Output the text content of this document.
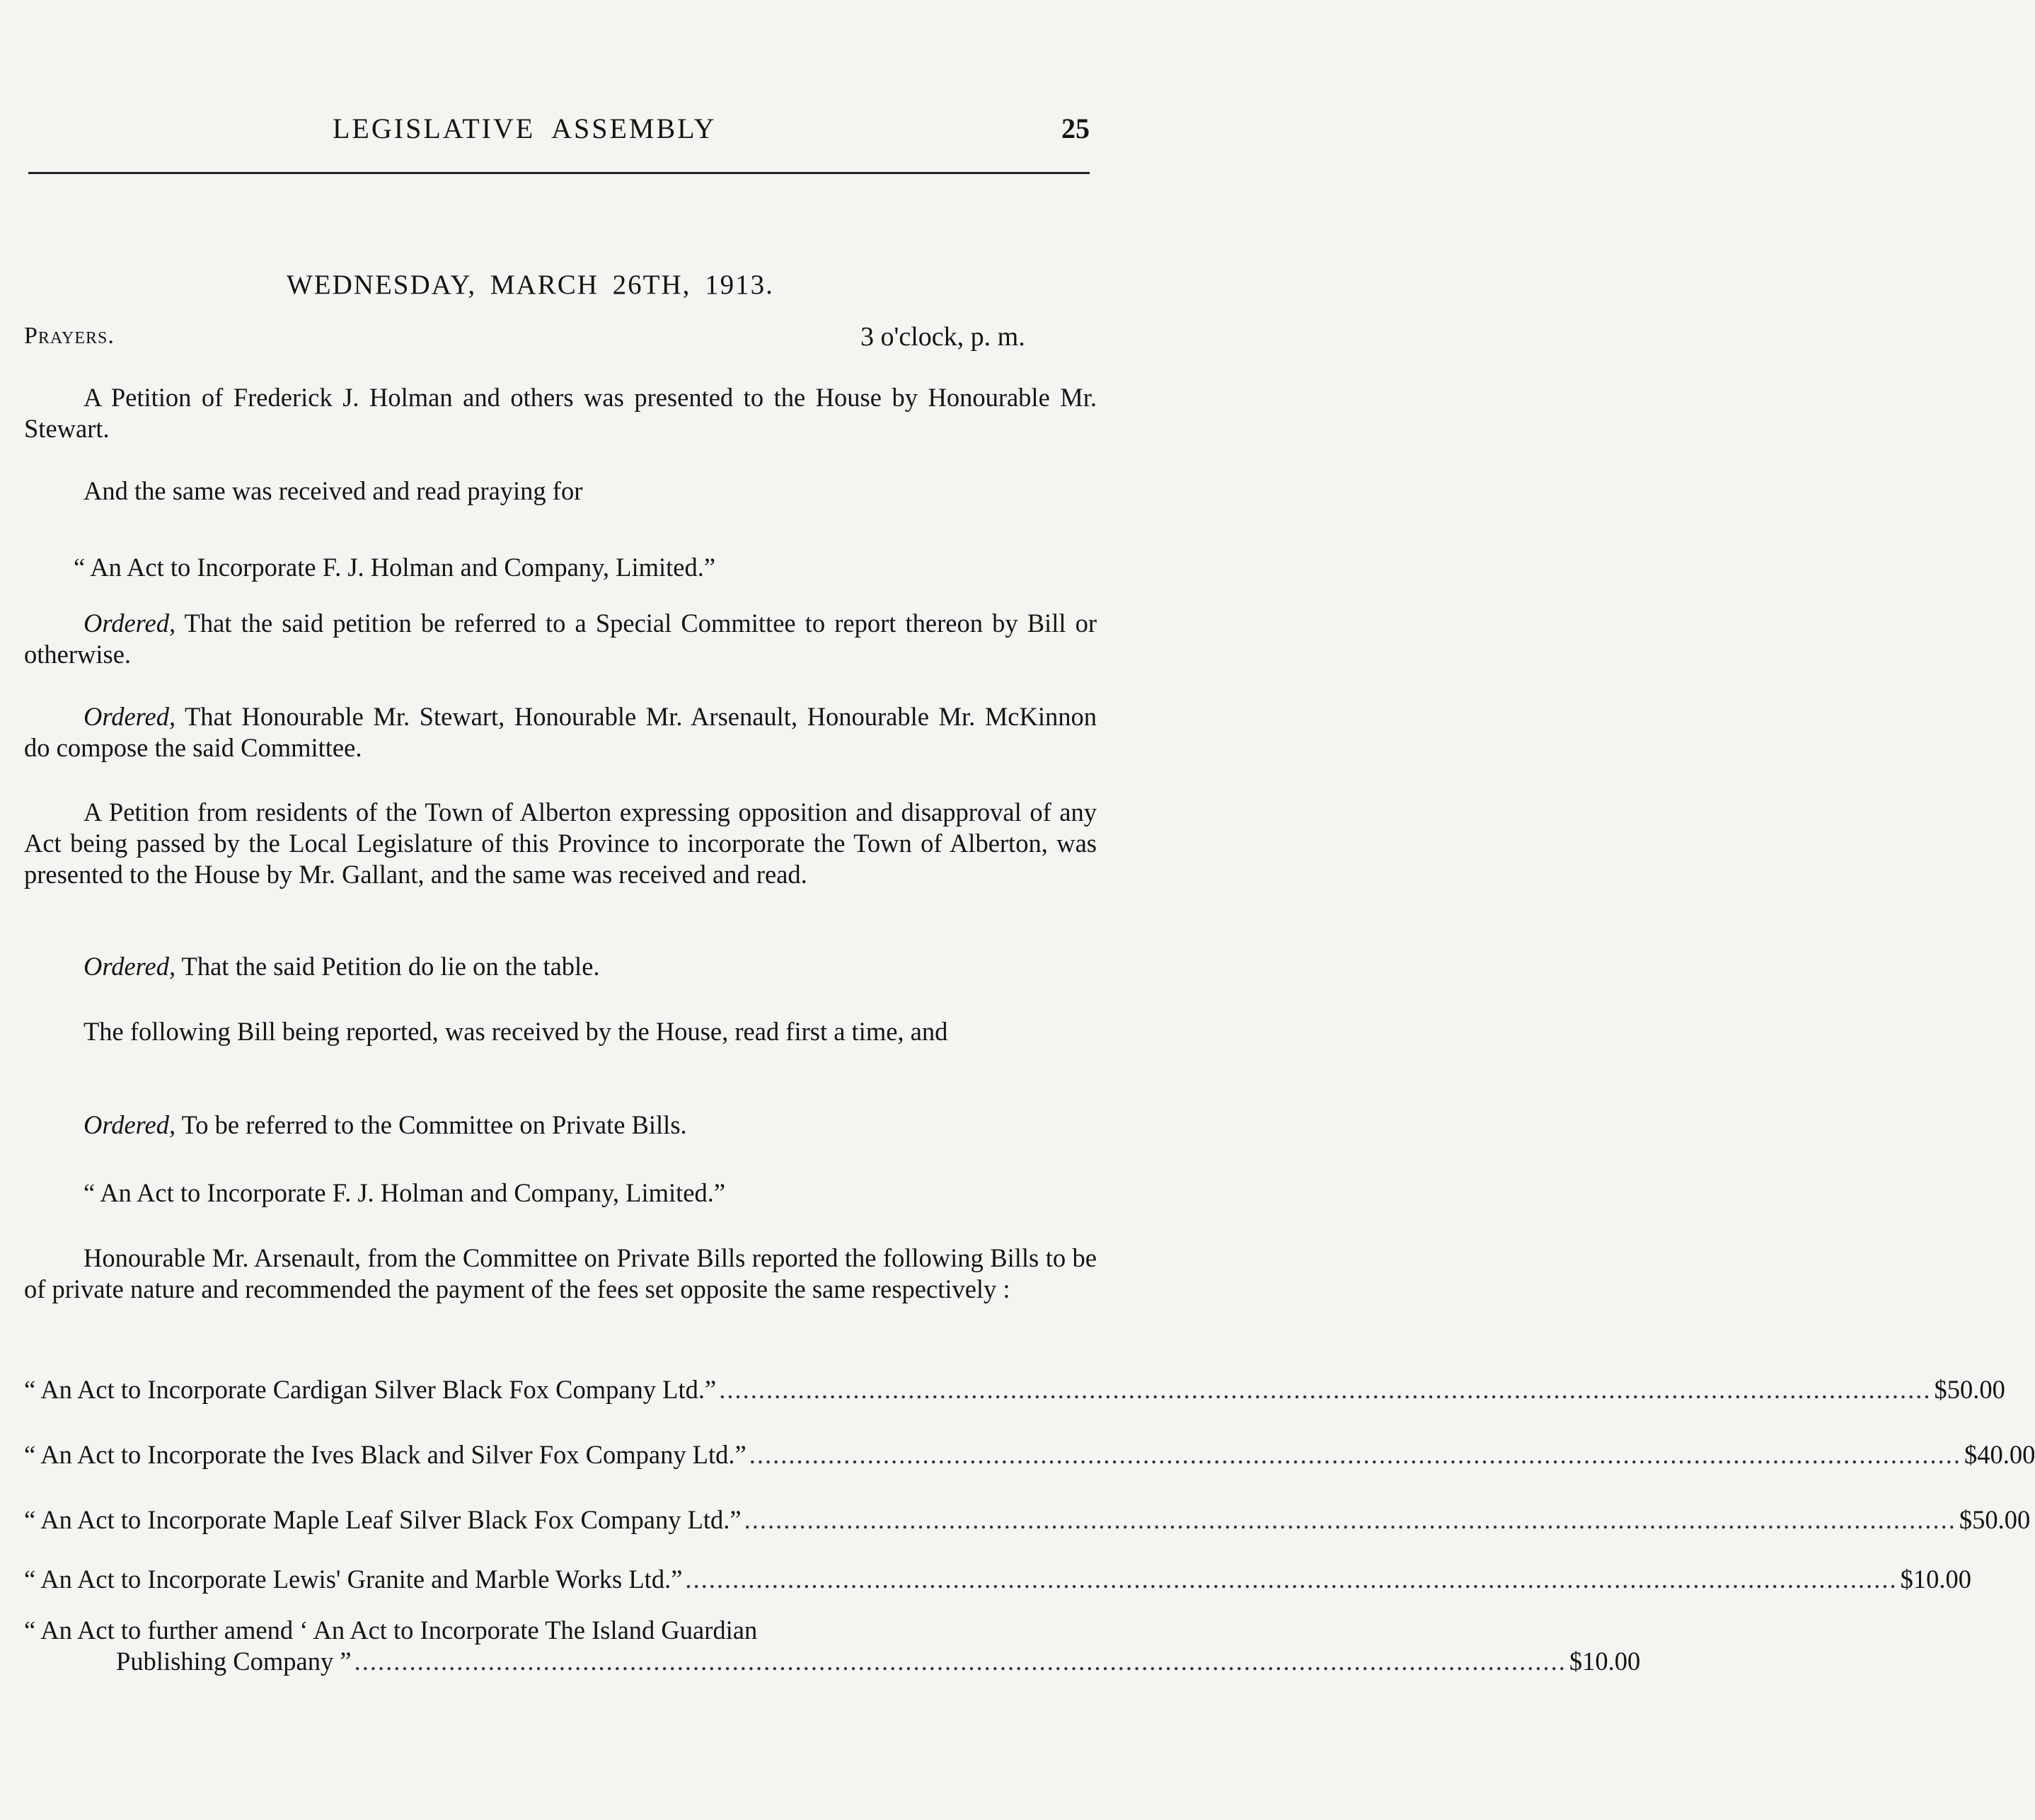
LEGISLATIVE ASSEMBLY	25
WEDNESDAY, MARCH 26TH, 1913.
Prayers.	3 o'clock, p. m.
A Petition of Frederick J. Holman and others was presented to the House by Honourable Mr. Stewart.
And the same was received and read praying for
“ An Act to Incorporate F. J. Holman and Company, Limited.”
Ordered, That the said petition be referred to a Special Committee to report thereon by Bill or otherwise.
Ordered, That Honourable Mr. Stewart, Honourable Mr. Arsenault, Honourable Mr. McKinnon do compose the said Committee.
A Petition from residents of the Town of Alberton expressing opposition and disapproval of any Act being passed by the Local Legislature of this Province to incorporate the Town of Alberton, was presented to the House by Mr. Gallant, and the same was received and read.
Ordered, That the said Petition do lie on the table.
The following Bill being reported, was received by the House, read first a time, and
Ordered, To be referred to the Committee on Private Bills.
“ An Act to Incorporate F. J. Holman and Company, Limited.”
Honourable Mr. Arsenault, from the Committee on Private Bills reported the following Bills to be of private nature and recommended the payment of the fees set opposite the same respectively :
“ An Act to Incorporate Cardigan Silver Black Fox Company Ltd.” .......................................................................................................................................................... $50.00
“ An Act to Incorporate the Ives Black and Silver Fox Company Ltd.” .......................................................................................................................................................... $40.00
“ An Act to Incorporate Maple Leaf Silver Black Fox Company Ltd.” .......................................................................................................................................................... $50.00
“ An Act to Incorporate Lewis' Granite and Marble Works Ltd.” .......................................................................................................................................................... $10.00
“ An Act to further amend ‘ An Act to Incorporate The Island Guardian
Publishing Company ” .......................................................................................................................................................... $10.00
